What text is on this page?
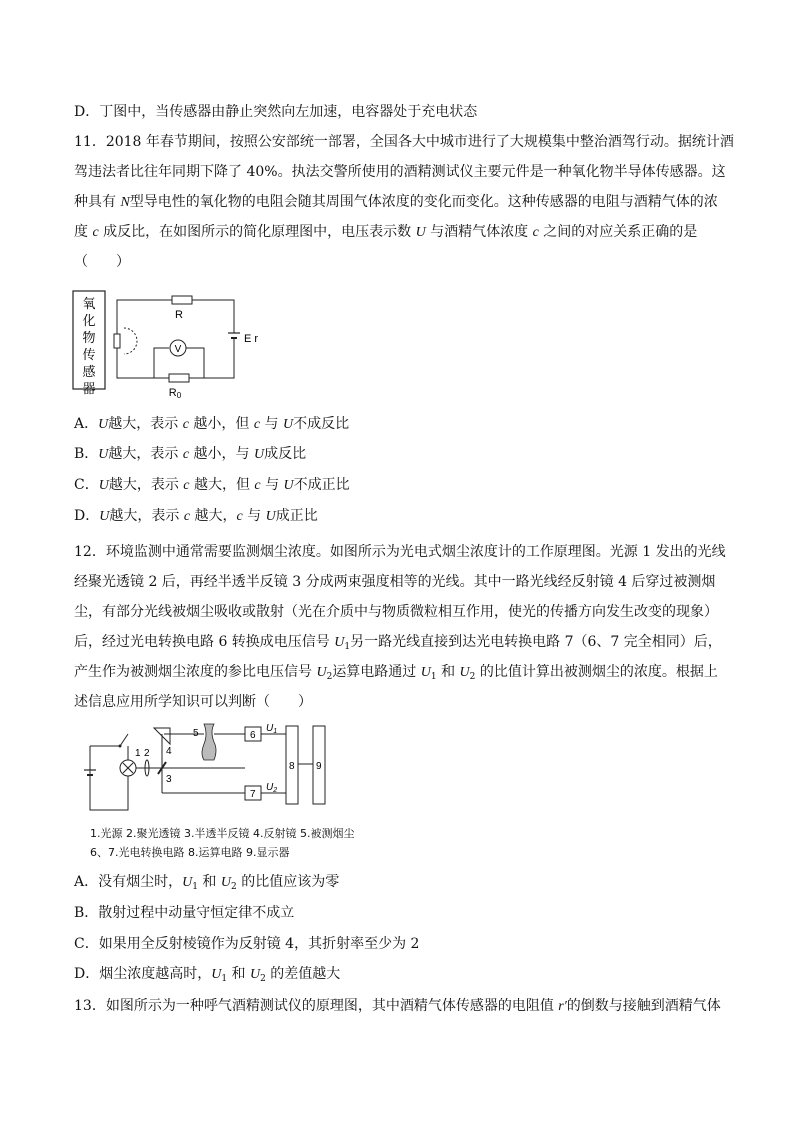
D．丁图中，当传感器由静止突然向左加速，电容器处于充电状态
11．2018 年春节期间，按照公安部统一部署，全国各大中城市进行了大规模集中整治酒驾行动。据统计酒
驾违法者比往年同期下降了 40%。执法交警所使用的酒精测试仪主要元件是一种氧化物半导体传感器。这
种具有 N型导电性的氧化物的电阻会随其周围气体浓度的变化而变化。这种传感器的电阻与酒精气体的浓
度 c 成反比，在如图所示的简化原理图中，电压表示数 U 与酒精气体浓度 c 之间的对应关系正确的是
（　　）
氧
化
物
传
感
器
V
R
R0
E r
A．U越大，表示 c 越小，但 c 与 U不成反比
B．U越大，表示 c 越小，与 U成反比
C．U越大，表示 c 越大，但 c 与 U不成正比
D．U越大，表示 c 越大，c 与 U成正比
12．环境监测中通常需要监测烟尘浓度。如图所示为光电式烟尘浓度计的工作原理图。光源 1 发出的光线
经聚光透镜 2 后，再经半透半反镜 3 分成两束强度相等的光线。其中一路光线经反射镜 4 后穿过被测烟
尘，有部分光线被烟尘吸收或散射（光在介质中与物质微粒相互作用，使光的传播方向发生改变的现象）
后，经过光电转换电路 6 转换成电压信号 $U_1$另一路光线直接到达光电转换电路 7（6、7 完全相同）后，
产生作为被测烟尘浓度的参比电压信号 $U_2$运算电路通过 $U_1$ 和 $U_2$ 的比值计算出被测烟尘的浓度。根据上
述信息应用所学知识可以判断（　　）
1 2
3
4
5	6
7
8 9
$U_1$
$U_2$
1.光源 2.聚光透镜 3.半透半反镜 4.反射镜 5.被测烟尘
6、7.光电转换电路 8.运算电路 9.显示器
A．没有烟尘时，$U_1$ 和 $U_2$ 的比值应该为零
B．散射过程中动量守恒定律不成立
C．如果用全反射棱镜作为反射镜 4，其折射率至少为 2
D．烟尘浓度越高时，$U_1$ 和 $U_2$ 的差值越大
13．如图所示为一种呼气酒精测试仪的原理图，其中酒精气体传感器的电阻值 r′的倒数与接触到酒精气体
